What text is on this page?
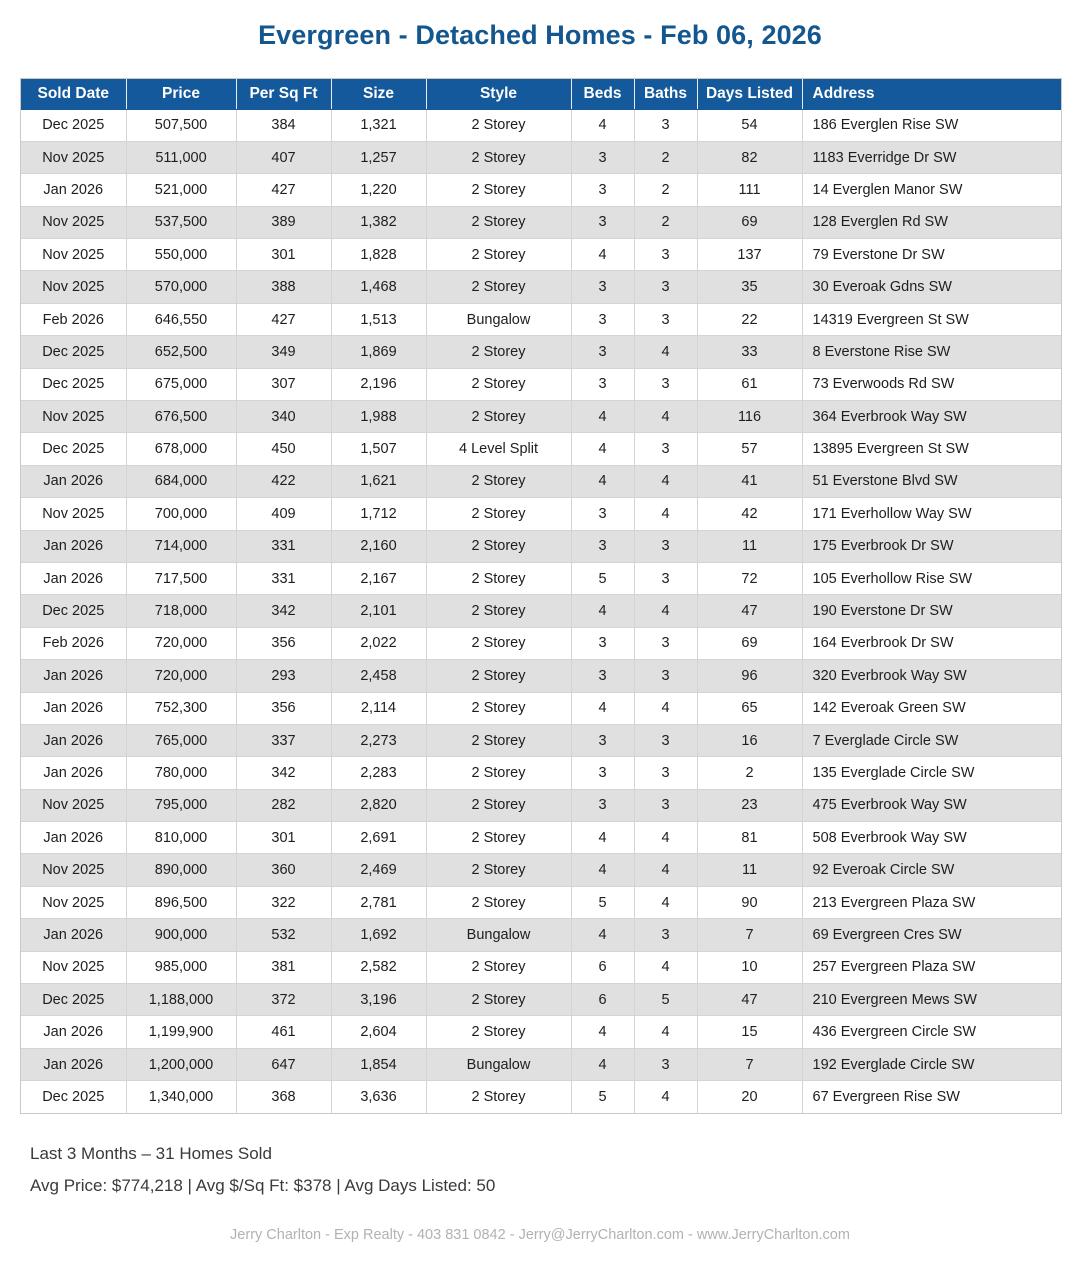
Evergreen - Detached Homes - Feb 06, 2026
Sold Date	Price	Per Sq Ft	Size	Style	Beds	Baths	Days Listed	Address
Dec 2025	507,500	384	1,321	2 Storey	4	3	54	186 Everglen Rise SW
Nov 2025	511,000	407	1,257	2 Storey	3	2	82	1183 Everridge Dr SW
Jan 2026	521,000	427	1,220	2 Storey	3	2	111	14 Everglen Manor SW
Nov 2025	537,500	389	1,382	2 Storey	3	2	69	128 Everglen Rd SW
Nov 2025	550,000	301	1,828	2 Storey	4	3	137	79 Everstone Dr SW
Nov 2025	570,000	388	1,468	2 Storey	3	3	35	30 Everoak Gdns SW
Feb 2026	646,550	427	1,513	Bungalow	3	3	22	14319 Evergreen St SW
Dec 2025	652,500	349	1,869	2 Storey	3	4	33	8 Everstone Rise SW
Dec 2025	675,000	307	2,196	2 Storey	3	3	61	73 Everwoods Rd SW
Nov 2025	676,500	340	1,988	2 Storey	4	4	116	364 Everbrook Way SW
Dec 2025	678,000	450	1,507	4 Level Split	4	3	57	13895 Evergreen St SW
Jan 2026	684,000	422	1,621	2 Storey	4	4	41	51 Everstone Blvd SW
Nov 2025	700,000	409	1,712	2 Storey	3	4	42	171 Everhollow Way SW
Jan 2026	714,000	331	2,160	2 Storey	3	3	11	175 Everbrook Dr SW
Jan 2026	717,500	331	2,167	2 Storey	5	3	72	105 Everhollow Rise SW
Dec 2025	718,000	342	2,101	2 Storey	4	4	47	190 Everstone Dr SW
Feb 2026	720,000	356	2,022	2 Storey	3	3	69	164 Everbrook Dr SW
Jan 2026	720,000	293	2,458	2 Storey	3	3	96	320 Everbrook Way SW
Jan 2026	752,300	356	2,114	2 Storey	4	4	65	142 Everoak Green SW
Jan 2026	765,000	337	2,273	2 Storey	3	3	16	7 Everglade Circle SW
Jan 2026	780,000	342	2,283	2 Storey	3	3	2	135 Everglade Circle SW
Nov 2025	795,000	282	2,820	2 Storey	3	3	23	475 Everbrook Way SW
Jan 2026	810,000	301	2,691	2 Storey	4	4	81	508 Everbrook Way SW
Nov 2025	890,000	360	2,469	2 Storey	4	4	11	92 Everoak Circle SW
Nov 2025	896,500	322	2,781	2 Storey	5	4	90	213 Evergreen Plaza SW
Jan 2026	900,000	532	1,692	Bungalow	4	3	7	69 Evergreen Cres SW
Nov 2025	985,000	381	2,582	2 Storey	6	4	10	257 Evergreen Plaza SW
Dec 2025	1,188,000	372	3,196	2 Storey	6	5	47	210 Evergreen Mews SW
Jan 2026	1,199,900	461	2,604	2 Storey	4	4	15	436 Evergreen Circle SW
Jan 2026	1,200,000	647	1,854	Bungalow	4	3	7	192 Everglade Circle SW
Dec 2025	1,340,000	368	3,636	2 Storey	5	4	20	67 Evergreen Rise SW
Last 3 Months – 31 Homes Sold
Avg Price: $774,218 | Avg $/Sq Ft: $378 | Avg Days Listed: 50
Jerry Charlton - Exp Realty - 403 831 0842 - Jerry@JerryCharlton.com - www.JerryCharlton.com
